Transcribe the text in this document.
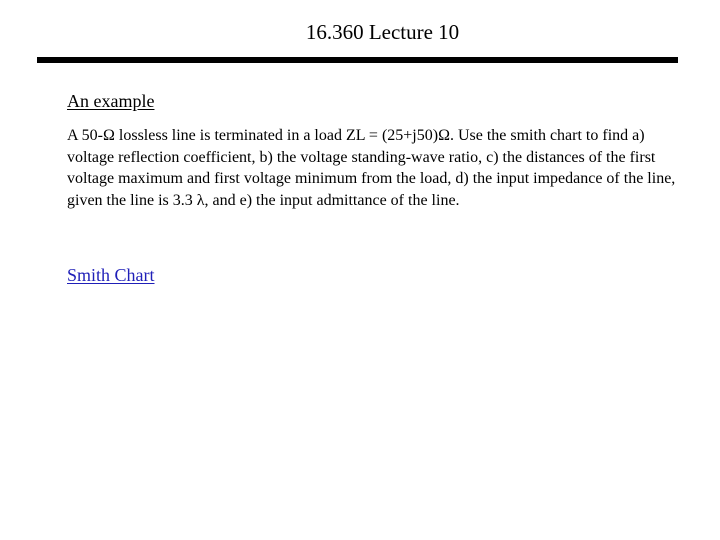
16.360 Lecture 10
An example

A 50-Ω lossless line is terminated in a load ZL = (25+j50)Ω. Use the smith chart to find a) voltage reflection coefficient, b) the voltage standing-wave ratio, c) the distances of the first voltage maximum and first voltage minimum from the load, d) the input impedance of the line, given the line is 3.3 λ, and e) the input admittance of the line.

Smith Chart
